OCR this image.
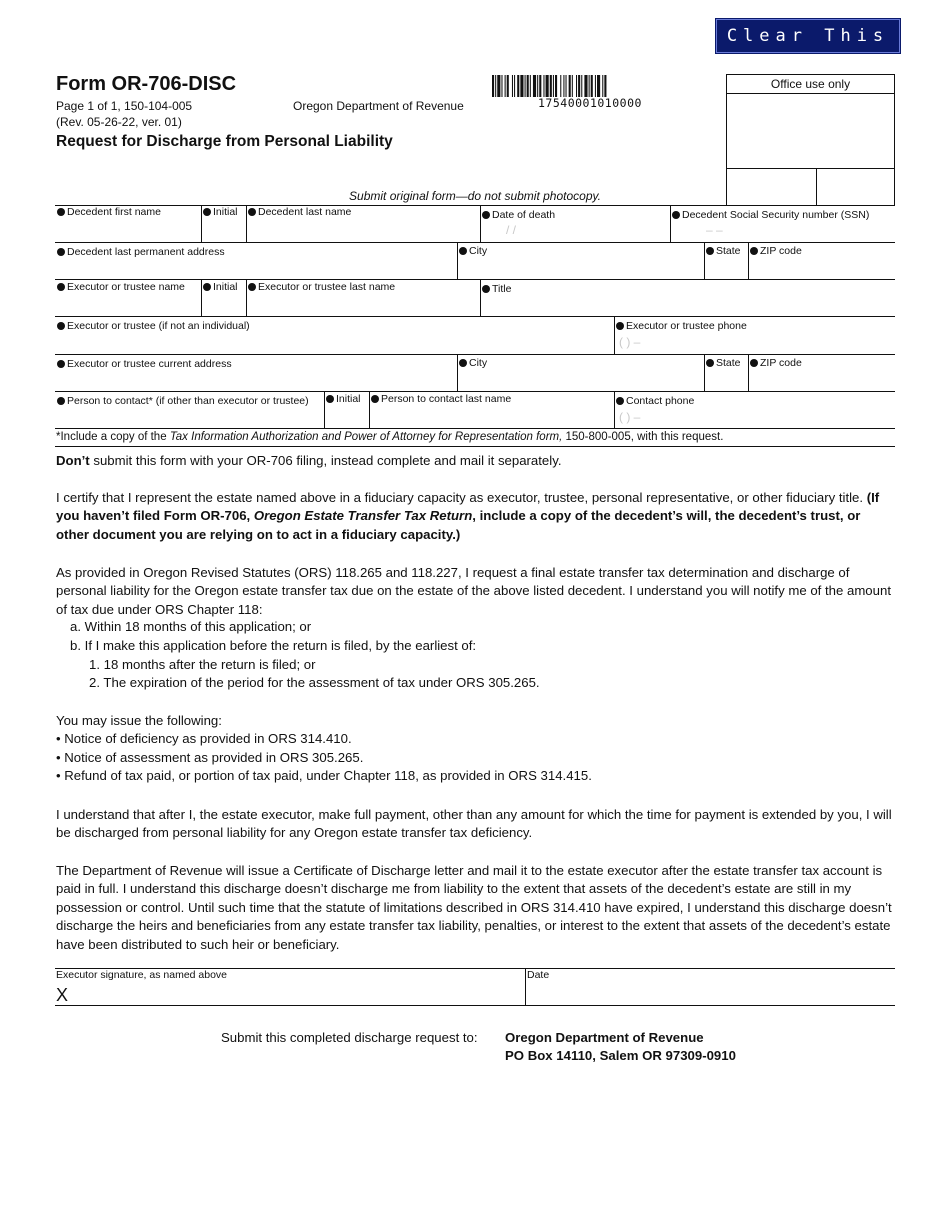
Clear This Page
Form OR-706-DISC
Page 1 of 1, 150-104-005
(Rev. 05-26-22, ver. 01)
Oregon Department of Revenue
Request for Discharge from Personal Liability
17540001010000
Office use only
Submit original form—do not submit photocopy.
Decedent first name	Initial	Decedent last name	Date of death
/ /
Decedent Social Security number (SSN)
– –
Decedent last permanent address	City	State	ZIP code
Executor or trustee name	Initial	Executor or trustee last name	Title
Executor or trustee (if not an individual)	Executor or trustee phone
( ) –
Executor or trustee current address	City	State	ZIP code
Person to contact* (if other than executor or trustee)	Initial	Person to contact last name	Contact phone
( ) –
*Include a copy of the Tax Information Authorization and Power of Attorney for Representation form, 150-800-005, with this request.
Don’t submit this form with your OR-706 filing, instead complete and mail it separately.
I certify that I represent the estate named above in a fiduciary capacity as executor, trustee, personal representative, or other fiduciary title. (If you haven’t filed Form OR-706, Oregon Estate Transfer Tax Return, include a copy of the decedent’s will, the decedent’s trust, or other document you are relying on to act in a fiduciary capacity.)
As provided in Oregon Revised Statutes (ORS) 118.265 and 118.227, I request a final estate transfer tax determination and discharge of personal liability for the Oregon estate transfer tax due on the estate of the above listed decedent. I understand you will notify me of the amount of tax due under ORS Chapter 118:
a. Within 18 months of this application; or
b. If I make this application before the return is filed, by the earliest of:
1. 18 months after the return is filed; or
2. The expiration of the period for the assessment of tax under ORS 305.265.
You may issue the following:
• Notice of deficiency as provided in ORS 314.410.
• Notice of assessment as provided in ORS 305.265.
• Refund of tax paid, or portion of tax paid, under Chapter 118, as provided in ORS 314.415.
I understand that after I, the estate executor, make full payment, other than any amount for which the time for payment is extended by you, I will be discharged from personal liability for any Oregon estate transfer tax deficiency.
The Department of Revenue will issue a Certificate of Discharge letter and mail it to the estate executor after the estate transfer tax account is paid in full. I understand this discharge doesn’t discharge me from liability to the extent that assets of the decedent’s estate are still in my possession or control. Until such time that the statute of limitations described in ORS 314.410 have expired, I understand this discharge doesn’t discharge the heirs and beneficiaries from any estate transfer tax liability, penalties, or interest to the extent that assets of the decedent’s estate have been distributed to such heir or beneficiary.
Executor signature, as named above
X
Date
Submit this completed discharge request to: Oregon Department of Revenue
PO Box 14110, Salem OR 97309-0910
